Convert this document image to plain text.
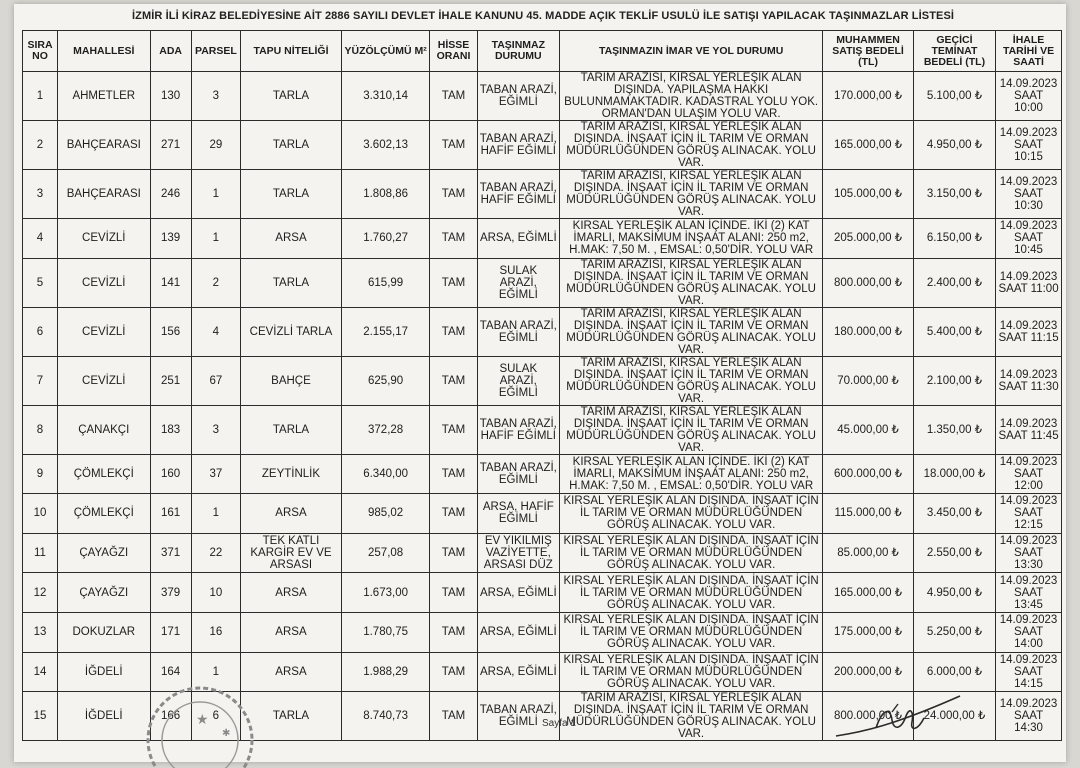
İZMİR İLİ KİRAZ BELEDİYESİNE AİT 2886 SAYILI DEVLET İHALE KANUNU 45. MADDE AÇIK TEKLİF USULÜ İLE SATIŞI YAPILACAK TAŞINMAZLAR LİSTESİ
SIRA NO	MAHALLESİ	ADA	PARSEL	TAPU NİTELİĞİ	YÜZÖLÇÜMÜ M²	HİSSE ORANI	TAŞINMAZ DURUMU	TAŞINMAZIN İMAR VE YOL DURUMU	MUHAMMEN SATIŞ BEDELİ (TL)	GEÇİCİ TEMİNAT BEDELİ (TL)	İHALE TARİHİ VE SAATİ
1	AHMETLER	130	3	TARLA	3.310,14	TAM	TABAN ARAZİ, EĞİMLİ	TARIM ARAZİSİ, KIRSAL YERLEŞİK ALAN DIŞINDA. YAPILAŞMA HAKKI BULUNMAMAKTADIR. KADASTRAL YOLU YOK. ORMAN'DAN ULAŞIM YOLU VAR.	170.000,00 ₺	5.100,00 ₺	14.09.2023
SAAT 10:00

2	BAHÇEARASI	271	29	TARLA	3.602,13	TAM	TABAN ARAZİ, HAFİF EĞİMLİ	TARIM ARAZİSİ, KIRSAL YERLEŞİK ALAN DIŞINDA. İNŞAAT İÇİN İL TARIM VE ORMAN MÜDÜRLÜĞÜNDEN GÖRÜŞ ALINACAK. YOLU VAR.	165.000,00 ₺	4.950,00 ₺	14.09.2023
SAAT 10:15

3	BAHÇEARASI	246	1	TARLA	1.808,86	TAM	TABAN ARAZİ, HAFİF EĞİMLİ	TARIM ARAZİSİ, KIRSAL YERLEŞİK ALAN DIŞINDA. İNŞAAT İÇİN İL TARIM VE ORMAN MÜDÜRLÜĞÜNDEN GÖRÜŞ ALINACAK. YOLU VAR.	105.000,00 ₺	3.150,00 ₺	14.09.2023
SAAT 10:30

4	CEVİZLİ	139	1	ARSA	1.760,27	TAM	ARSA, EĞİMLİ	KIRSAL YERLEŞİK ALAN İÇİNDE. İKİ (2) KAT İMARLI, MAKSİMUM İNŞAAT ALANI: 250 m2, H.MAK: 7,50 M. , EMSAL: 0,50'DİR. YOLU VAR	205.000,00 ₺	6.150,00 ₺	14.09.2023
SAAT 10:45

5	CEVİZLİ	141	2	TARLA	615,99	TAM	SULAK ARAZİ, EĞİMLİ	TARIM ARAZİSİ, KIRSAL YERLEŞİK ALAN DIŞINDA. İNŞAAT İÇİN İL TARIM VE ORMAN MÜDÜRLÜĞÜNDEN GÖRÜŞ ALINACAK. YOLU VAR.	800.000,00 ₺	2.400,00 ₺	14.09.2023
SAAT 11:00

6	CEVİZLİ	156	4	CEVİZLİ TARLA	2.155,17	TAM	TABAN ARAZİ, EĞİMLİ	TARIM ARAZİSİ, KIRSAL YERLEŞİK ALAN DIŞINDA. İNŞAAT İÇİN İL TARIM VE ORMAN MÜDÜRLÜĞÜNDEN GÖRÜŞ ALINACAK. YOLU VAR.	180.000,00 ₺	5.400,00 ₺	14.09.2023
SAAT 11:15

7	CEVİZLİ	251	67	BAHÇE	625,90	TAM	SULAK ARAZİ, EĞİMLİ	TARIM ARAZİSİ, KIRSAL YERLEŞİK ALAN DIŞINDA. İNŞAAT İÇİN İL TARIM VE ORMAN MÜDÜRLÜĞÜNDEN GÖRÜŞ ALINACAK. YOLU VAR.	70.000,00 ₺	2.100,00 ₺	14.09.2023
SAAT 11:30

8	ÇANAKÇI	183	3	TARLA	372,28	TAM	TABAN ARAZİ, HAFİF EĞİMLİ	TARIM ARAZİSİ, KIRSAL YERLEŞİK ALAN DIŞINDA. İNŞAAT İÇİN İL TARIM VE ORMAN MÜDÜRLÜĞÜNDEN GÖRÜŞ ALINACAK. YOLU VAR.	45.000,00 ₺	1.350,00 ₺	14.09.2023
SAAT 11:45

9	ÇÖMLEKÇİ	160	37	ZEYTİNLİK	6.340,00	TAM	TABAN ARAZİ, EĞİMLİ	KIRSAL YERLEŞİK ALAN İÇİNDE. İKİ (2) KAT İMARLI, MAKSİMUM İNŞAAT ALANI: 250 m2, H.MAK: 7,50 M. , EMSAL: 0,50'DİR. YOLU VAR	600.000,00 ₺	18.000,00 ₺	14.09.2023
SAAT 12:00

10	ÇÖMLEKÇİ	161	1	ARSA	985,02	TAM	ARSA, HAFİF EĞİMLİ	KIRSAL YERLEŞİK ALAN DIŞINDA. İNŞAAT İÇİN İL TARIM VE ORMAN MÜDÜRLÜĞÜNDEN GÖRÜŞ ALINACAK. YOLU VAR.	115.000,00 ₺	3.450,00 ₺	14.09.2023
SAAT 12:15

11	ÇAYAĞZI	371	22	TEK KATLI KARGİR EV VE ARSASI	257,08	TAM	EV YIKILMIŞ VAZİYETTE, ARSASI DÜZ	KIRSAL YERLEŞİK ALAN DIŞINDA. İNŞAAT İÇİN İL TARIM VE ORMAN MÜDÜRLÜĞÜNDEN GÖRÜŞ ALINACAK. YOLU VAR.	85.000,00 ₺	2.550,00 ₺	14.09.2023
SAAT 13:30

12	ÇAYAĞZI	379	10	ARSA	1.673,00	TAM	ARSA, EĞİMLİ	KIRSAL YERLEŞİK ALAN DIŞINDA. İNŞAAT İÇİN İL TARIM VE ORMAN MÜDÜRLÜĞÜNDEN GÖRÜŞ ALINACAK. YOLU VAR.	165.000,00 ₺	4.950,00 ₺	14.09.2023
SAAT 13:45

13	DOKUZLAR	171	16	ARSA	1.780,75	TAM	ARSA, EĞİMLİ	KIRSAL YERLEŞİK ALAN DIŞINDA. İNŞAAT İÇİN İL TARIM VE ORMAN MÜDÜRLÜĞÜNDEN GÖRÜŞ ALINACAK. YOLU VAR.	175.000,00 ₺	5.250,00 ₺	14.09.2023
SAAT 14:00

14	İĞDELİ	164	1	ARSA	1.988,29	TAM	ARSA, EĞİMLİ	KIRSAL YERLEŞİK ALAN DIŞINDA. İNŞAAT İÇİN İL TARIM VE ORMAN MÜDÜRLÜĞÜNDEN GÖRÜŞ ALINACAK. YOLU VAR.	200.000,00 ₺	6.000,00 ₺	14.09.2023
SAAT 14:15

15	İĞDELİ	166	6	TARLA	8.740,73	TAM	TABAN ARAZİ, EĞİMLİ	TARIM ARAZİSİ, KIRSAL YERLEŞİK ALAN DIŞINDA. İNŞAAT İÇİN İL TARIM VE ORMAN MÜDÜRLÜĞÜNDEN GÖRÜŞ ALINACAK. YOLU VAR.	800.000,00 ₺	24.000,00 ₺	14.09.2023
SAAT 14:30
★
✱
Sayfa 1
